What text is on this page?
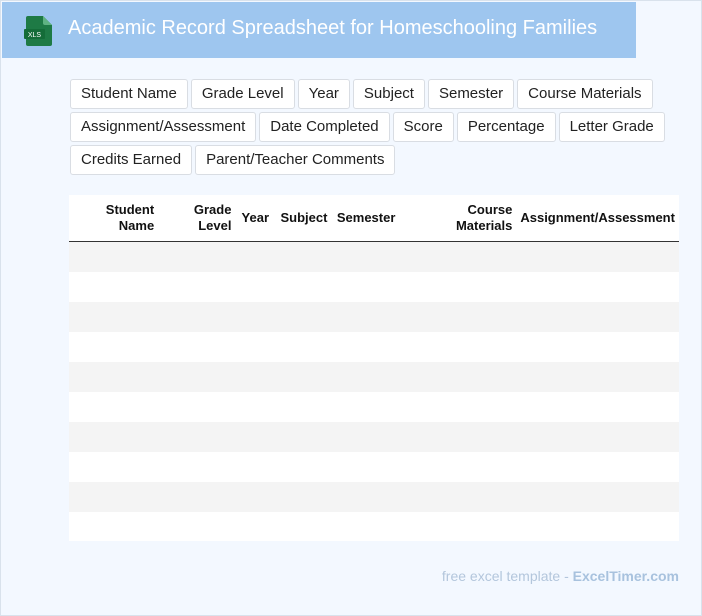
XLS Academic Record Spreadsheet for Homeschooling Families
Student Name	Grade Level	Year	Subject	Semester	Course Materials
Assignment/Assessment	Date Completed	Score	Percentage	Letter Grade
Credits Earned	Parent/Teacher Comments
Student Name	Grade Level	Year	Subject	Semester	Course Materials	Assignment/Assessment

free excel template - ExcelTimer.com
